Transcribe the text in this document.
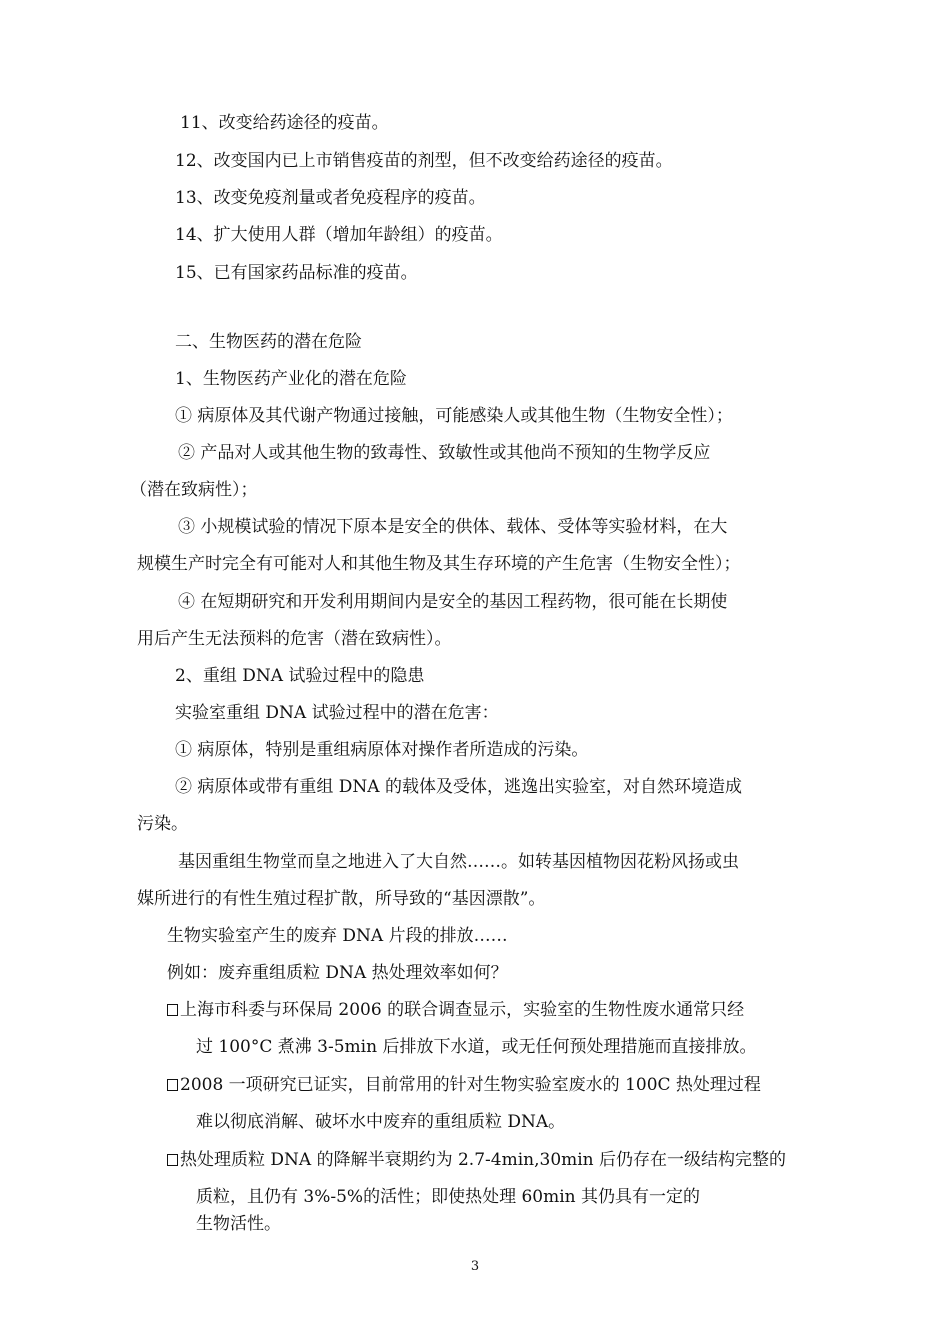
11、改变给药途径的疫苗。
12、改变国内已上市销售疫苗的剂型，但不改变给药途径的疫苗。
13、改变免疫剂量或者免疫程序的疫苗。
14、扩大使用人群（增加年龄组）的疫苗。
15、已有国家药品标准的疫苗。
二、生物医药的潜在危险
1、生物医药产业化的潜在危险
① 病原体及其代谢产物通过接触，可能感染人或其他生物（生物安全性）；
② 产品对人或其他生物的致毒性、致敏性或其他尚不预知的生物学反应
（潜在致病性）；
③ 小规模试验的情况下原本是安全的供体、载体、受体等实验材料，在大
规模生产时完全有可能对人和其他生物及其生存环境的产生危害（生物安全性）；
④ 在短期研究和开发利用期间内是安全的基因工程药物，很可能在长期使
用后产生无法预料的危害（潜在致病性）。
2、重组 DNA 试验过程中的隐患
实验室重组 DNA 试验过程中的潜在危害：
① 病原体，特别是重组病原体对操作者所造成的污染。
② 病原体或带有重组 DNA 的载体及受体，逃逸出实验室，对自然环境造成
污染。
基因重组生物堂而皇之地进入了大自然……。如转基因植物因花粉风扬或虫
媒所进行的有性生殖过程扩散，所导致的“基因漂散”。
生物实验室产生的废弃 DNA 片段的排放……
例如：废弃重组质粒 DNA 热处理效率如何？
上海市科委与环保局 2006 的联合调查显示，实验室的生物性废水通常只经
过 100°C 煮沸 3-5min 后排放下水道，或无任何预处理措施而直接排放。
2008 一项研究已证实，目前常用的针对生物实验室废水的 100C 热处理过程
难以彻底消解、破坏水中废弃的重组质粒 DNA。
热处理质粒 DNA 的降解半衰期约为 2.7-4min,30min 后仍存在一级结构完整的
质粒，且仍有 3%-5%的活性；即使热处理 60min 其仍具有一定的
生物活性。
3
